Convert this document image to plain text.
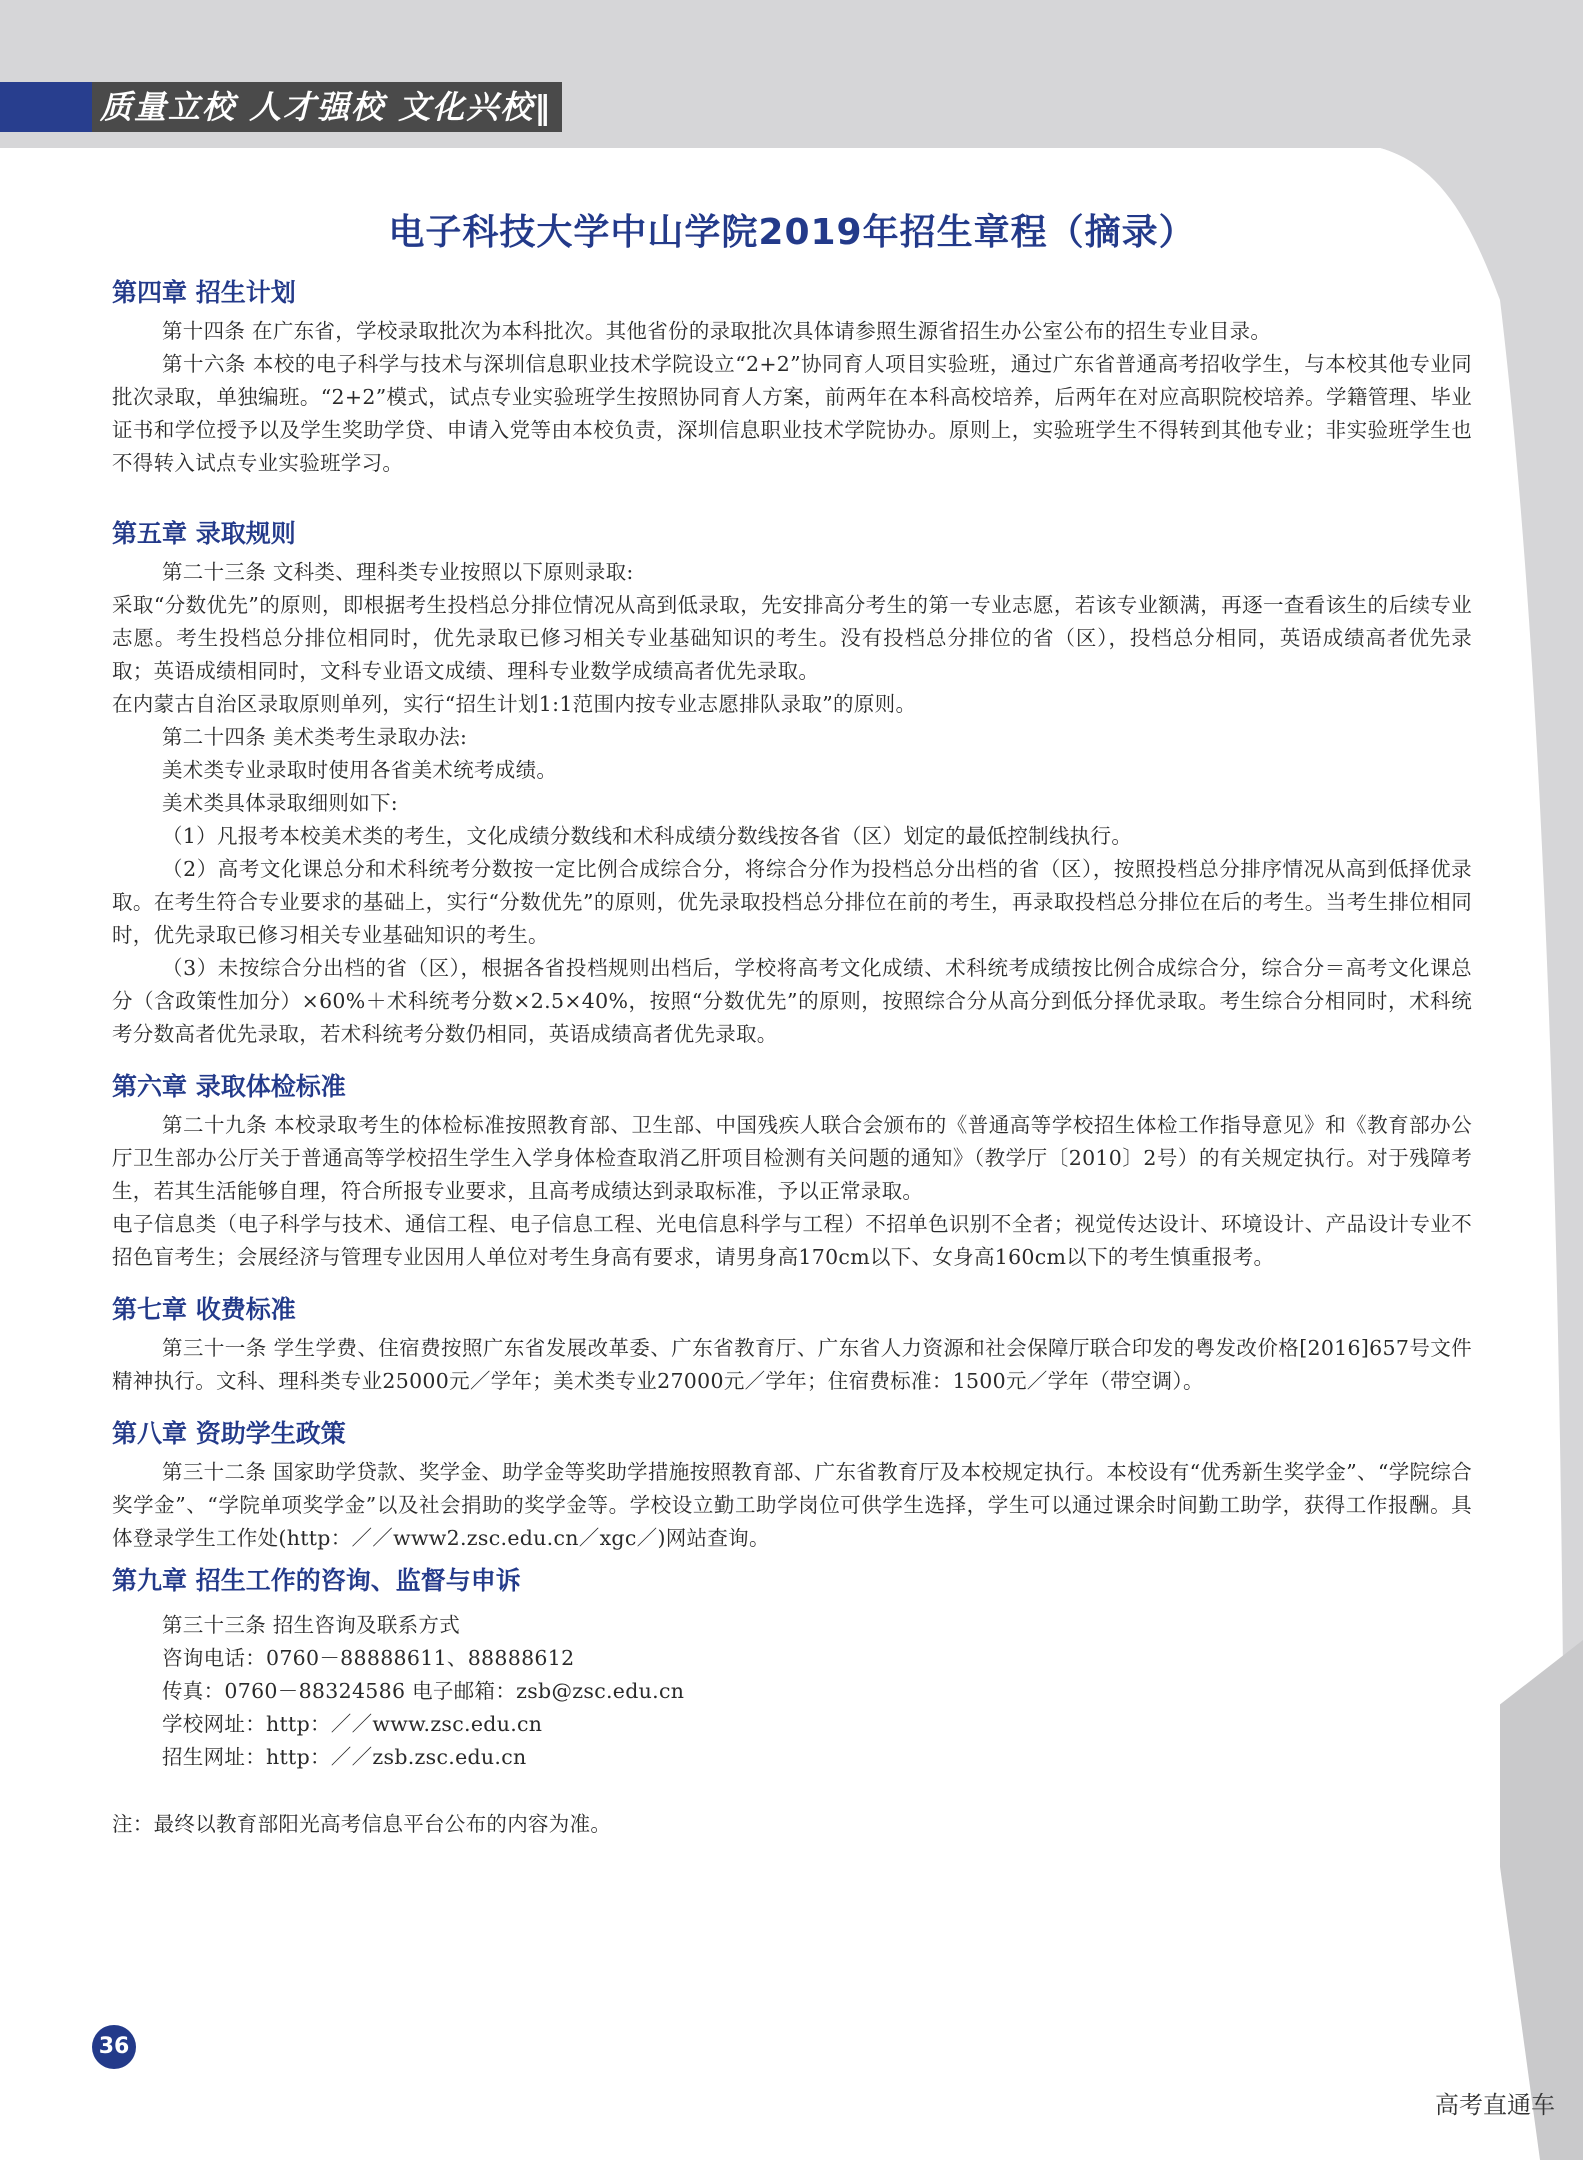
质量立校 人才强校 文化兴校‖
电子科技大学中山学院2019年招生章程（摘录）
第四章 招生计划

第十四条 在广东省，学校录取批次为本科批次。其他省份的录取批次具体请参照生源省招生办公室公布的招生专业目录。

第十六条 本校的电子科学与技术与深圳信息职业技术学院设立“2+2”协同育人项目实验班，通过广东省普通高考招收学生，与本校其他专业同批次录取，单独编班。“2+2”模式，试点专业实验班学生按照协同育人方案，前两年在本科高校培养，后两年在对应高职院校培养。学籍管理、毕业证书和学位授予以及学生奖助学贷、申请入党等由本校负责，深圳信息职业技术学院协办。原则上，实验班学生不得转到其他专业；非实验班学生也不得转入试点专业实验班学习。

第五章 录取规则

第二十三条 文科类、理科类专业按照以下原则录取:

采取“分数优先”的原则，即根据考生投档总分排位情况从高到低录取，先安排高分考生的第一专业志愿，若该专业额满，再逐一查看该生的后续专业志愿。考生投档总分排位相同时，优先录取已修习相关专业基础知识的考生。没有投档总分排位的省（区），投档总分相同，英语成绩高者优先录取；英语成绩相同时，文科专业语文成绩、理科专业数学成绩高者优先录取。

在内蒙古自治区录取原则单列，实行“招生计划1:1范围内按专业志愿排队录取”的原则。

第二十四条 美术类考生录取办法:

美术类专业录取时使用各省美术统考成绩。

美术类具体录取细则如下:

（1）凡报考本校美术类的考生，文化成绩分数线和术科成绩分数线按各省（区）划定的最低控制线执行。

（2）高考文化课总分和术科统考分数按一定比例合成综合分，将综合分作为投档总分出档的省（区），按照投档总分排序情况从高到低择优录取。在考生符合专业要求的基础上，实行“分数优先”的原则，优先录取投档总分排位在前的考生，再录取投档总分排位在后的考生。当考生排位相同时，优先录取已修习相关专业基础知识的考生。

（3）未按综合分出档的省（区），根据各省投档规则出档后，学校将高考文化成绩、术科统考成绩按比例合成综合分，综合分＝高考文化课总分（含政策性加分）×60%＋术科统考分数×2.5×40%，按照“分数优先”的原则，按照综合分从高分到低分择优录取。考生综合分相同时，术科统考分数高者优先录取，若术科统考分数仍相同，英语成绩高者优先录取。

第六章 录取体检标准

第二十九条 本校录取考生的体检标准按照教育部、卫生部、中国残疾人联合会颁布的《普通高等学校招生体检工作指导意见》和《教育部办公厅卫生部办公厅关于普通高等学校招生学生入学身体检查取消乙肝项目检测有关问题的通知》（教学厅〔2010〕2号）的有关规定执行。对于残障考生，若其生活能够自理，符合所报专业要求，且高考成绩达到录取标准，予以正常录取。

电子信息类（电子科学与技术、通信工程、电子信息工程、光电信息科学与工程）不招单色识别不全者；视觉传达设计、环境设计、产品设计专业不招色盲考生；会展经济与管理专业因用人单位对考生身高有要求，请男身高170cm以下、女身高160cm以下的考生慎重报考。

第七章 收费标准

第三十一条 学生学费、住宿费按照广东省发展改革委、广东省教育厅、广东省人力资源和社会保障厅联合印发的粤发改价格[2016]657号文件精神执行。文科、理科类专业25000元／学年；美术类专业27000元／学年；住宿费标准：1500元／学年（带空调）。

第八章 资助学生政策

第三十二条 国家助学贷款、奖学金、助学金等奖助学措施按照教育部、广东省教育厅及本校规定执行。本校设有“优秀新生奖学金”、“学院综合奖学金”、“学院单项奖学金”以及社会捐助的奖学金等。学校设立勤工助学岗位可供学生选择，学生可以通过课余时间勤工助学，获得工作报酬。具体登录学生工作处(http：／／www2.zsc.edu.cn／xgc／)网站查询。

第九章 招生工作的咨询、监督与申诉

第三十三条 招生咨询及联系方式

咨询电话：0760－88888611、88888612

传真：0760－88324586 电子邮箱：zsb@zsc.edu.cn

学校网址：http：／／www.zsc.edu.cn

招生网址：http：／／zsb.zsc.edu.cn

注：最终以教育部阳光高考信息平台公布的内容为准。

36
高考直通车
